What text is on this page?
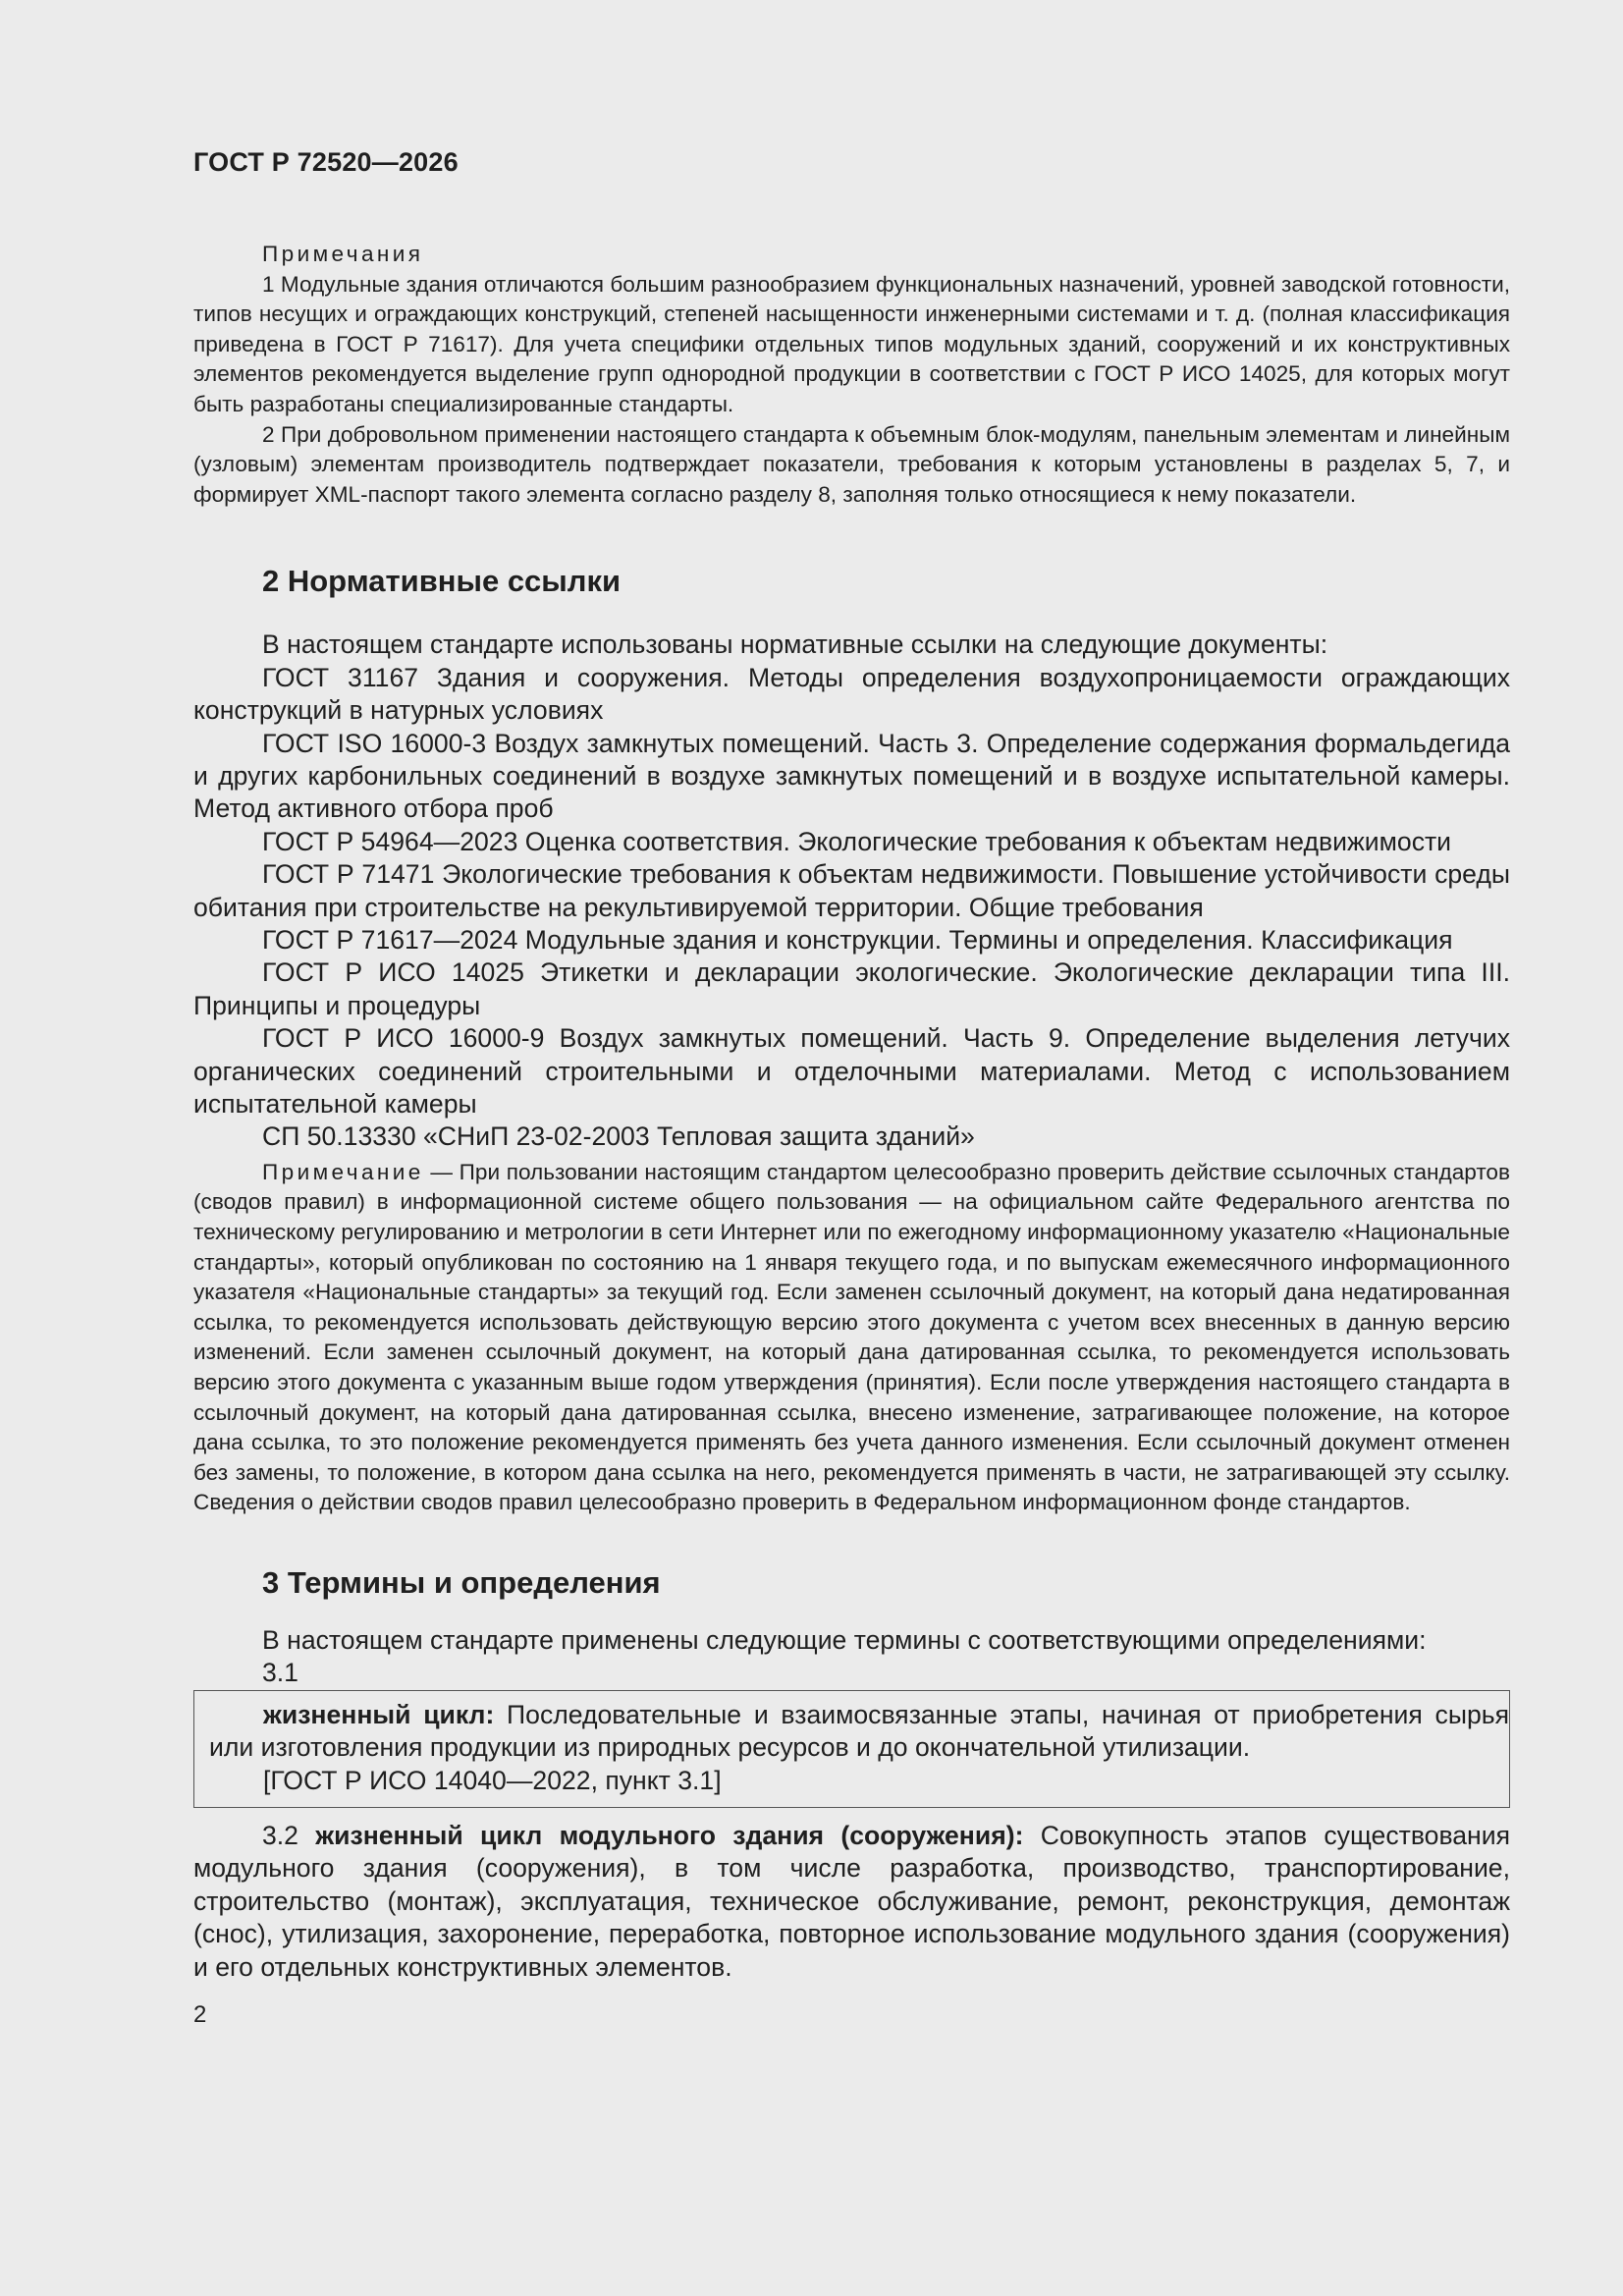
ГОСТ Р 72520—2026

Примечания

1 Модульные здания отличаются большим разнообразием функциональных назначений, уровней заводской готовности, типов несущих и ограждающих конструкций, степеней насыщенности инженерными системами и т. д. (полная классификация приведена в ГОСТ Р 71617). Для учета специфики отдельных типов модульных зданий, сооружений и их конструктивных элементов рекомендуется выделение групп однородной продукции в соответствии с ГОСТ Р ИСО 14025, для которых могут быть разработаны специализированные стандарты.

2 При добровольном применении настоящего стандарта к объемным блок-модулям, панельным элементам и линейным (узловым) элементам производитель подтверждает показатели, требования к которым установлены в разделах 5, 7, и формирует XML-паспорт такого элемента согласно разделу 8, заполняя только относящиеся к нему показатели.

2 Нормативные ссылки

В настоящем стандарте использованы нормативные ссылки на следующие документы:

ГОСТ 31167 Здания и сооружения. Методы определения воздухопроницаемости ограждающих конструкций в натурных условиях

ГОСТ ISO 16000-3 Воздух замкнутых помещений. Часть 3. Определение содержания формальдегида и других карбонильных соединений в воздухе замкнутых помещений и в воздухе испытательной камеры. Метод активного отбора проб

ГОСТ Р 54964—2023 Оценка соответствия. Экологические требования к объектам недвижимости

ГОСТ Р 71471 Экологические требования к объектам недвижимости. Повышение устойчивости среды обитания при строительстве на рекультивируемой территории. Общие требования

ГОСТ Р 71617—2024 Модульные здания и конструкции. Термины и определения. Классификация

ГОСТ Р ИСО 14025 Этикетки и декларации экологические. Экологические декларации типа III. Принципы и процедуры

ГОСТ Р ИСО 16000-9 Воздух замкнутых помещений. Часть 9. Определение выделения летучих органических соединений строительными и отделочными материалами. Метод с использованием испытательной камеры

СП 50.13330 «СНиП 23-02-2003 Тепловая защита зданий»

Примечание — При пользовании настоящим стандартом целесообразно проверить действие ссылочных стандартов (сводов правил) в информационной системе общего пользования — на официальном сайте Федерального агентства по техническому регулированию и метрологии в сети Интернет или по ежегодному информационному указателю «Национальные стандарты», который опубликован по состоянию на 1 января текущего года, и по выпускам ежемесячного информационного указателя «Национальные стандарты» за текущий год. Если заменен ссылочный документ, на который дана недатированная ссылка, то рекомендуется использовать действующую версию этого документа с учетом всех внесенных в данную версию изменений. Если заменен ссылочный документ, на который дана датированная ссылка, то рекомендуется использовать версию этого документа с указанным выше годом утверждения (принятия). Если после утверждения настоящего стандарта в ссылочный документ, на который дана датированная ссылка, внесено изменение, затрагивающее положение, на которое дана ссылка, то это положение рекомендуется применять без учета данного изменения. Если ссылочный документ отменен без замены, то положение, в котором дана ссылка на него, рекомендуется применять в части, не затрагивающей эту ссылку. Сведения о действии сводов правил целесообразно проверить в Федеральном информационном фонде стандартов.

3 Термины и определения

В настоящем стандарте применены следующие термины с соответствующими определениями:

3.1

жизненный цикл: Последовательные и взаимосвязанные этапы, начиная от приобретения сырья или изготовления продукции из природных ресурсов и до окончательной утилизации.

[ГОСТ Р ИСО 14040—2022, пункт 3.1]

3.2 жизненный цикл модульного здания (сооружения): Совокупность этапов существования модульного здания (сооружения), в том числе разработка, производство, транспортирование, строительство (монтаж), эксплуатация, техническое обслуживание, ремонт, реконструкция, демонтаж (снос), утилизация, захоронение, переработка, повторное использование модульного здания (сооружения) и его отдельных конструктивных элементов.

2
